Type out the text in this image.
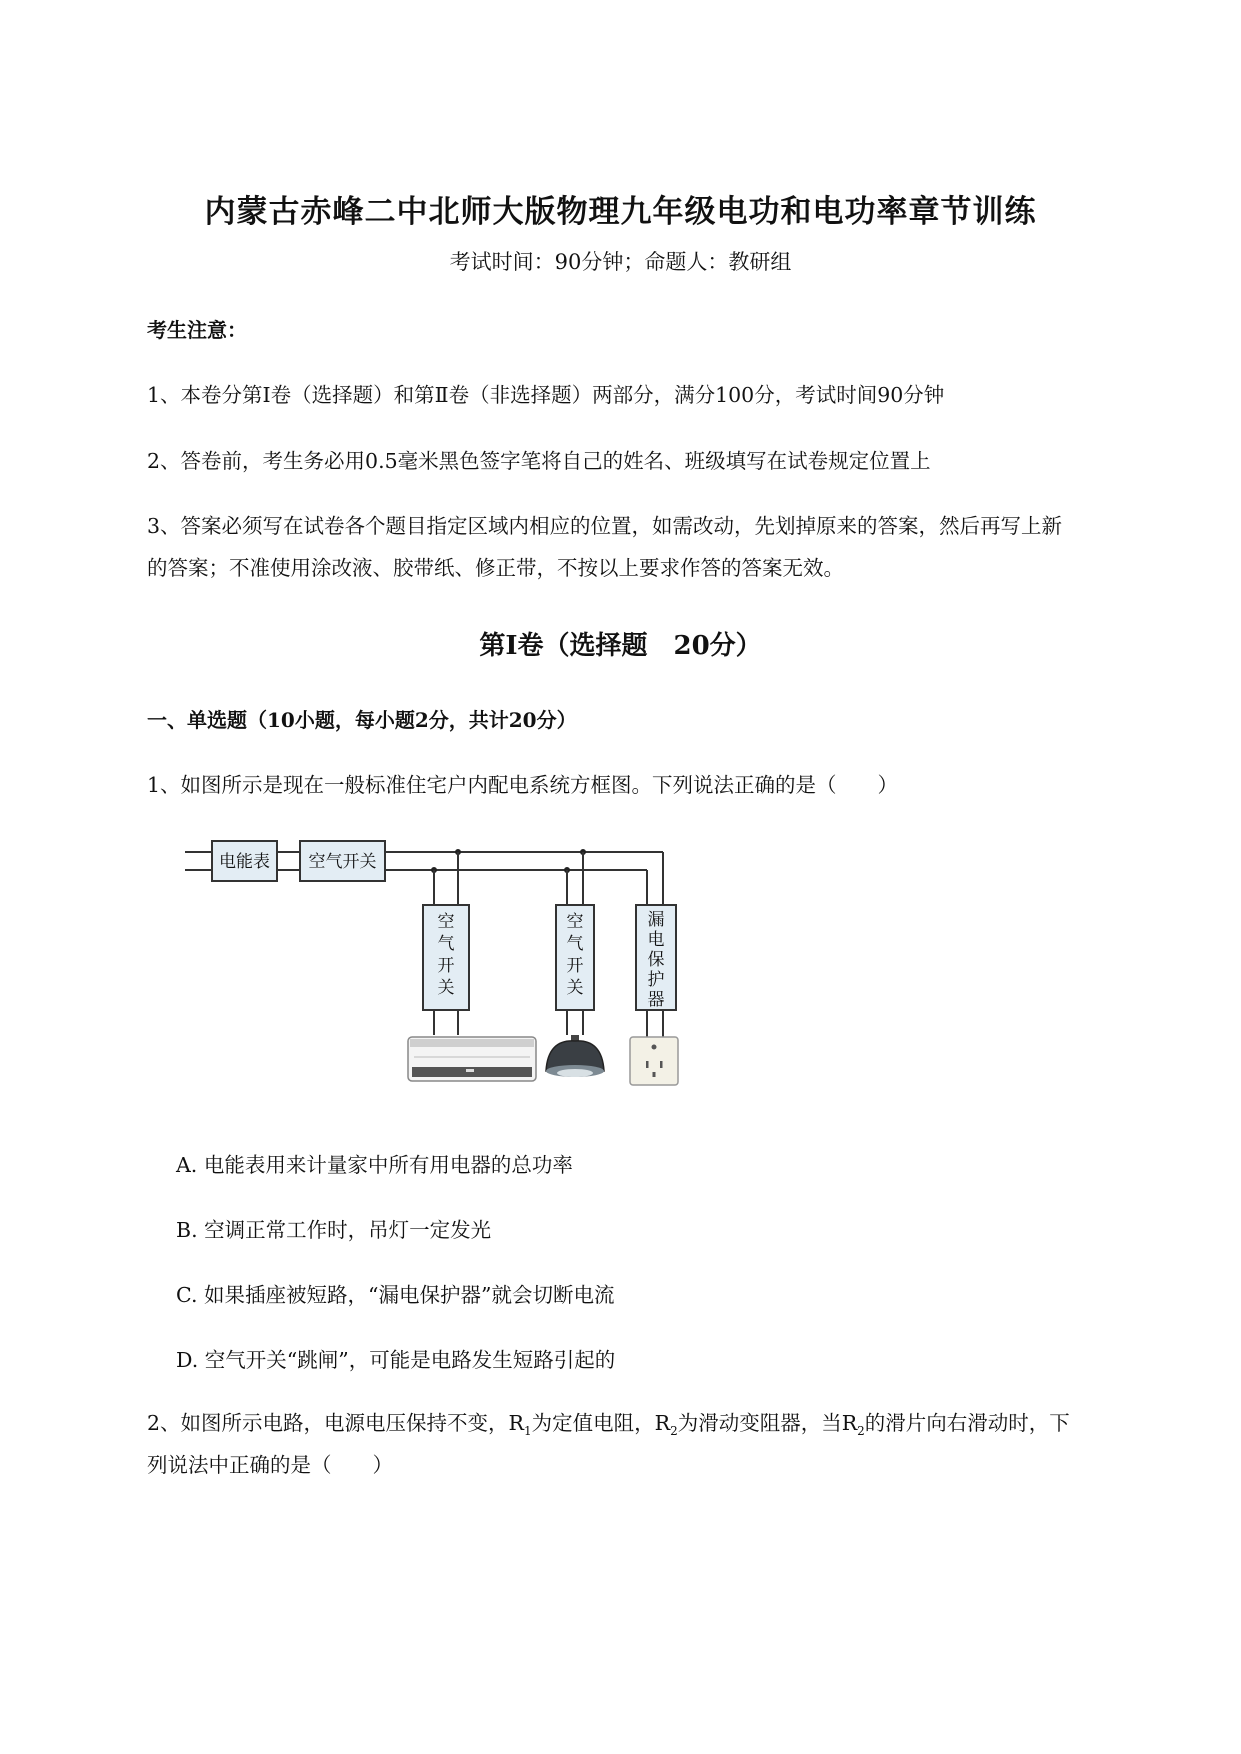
内蒙古赤峰二中北师大版物理九年级电功和电功率章节训练
考试时间：90分钟；命题人：教研组
考生注意：
1、本卷分第Ⅰ卷（选择题）和第Ⅱ卷（非选择题）两部分，满分100分，考试时间90分钟
2、答卷前，考生务必用0.5毫米黑色签字笔将自己的姓名、班级填写在试卷规定位置上
3、答案必须写在试卷各个题目指定区域内相应的位置，如需改动，先划掉原来的答案，然后再写上新
的答案；不准使用涂改液、胶带纸、修正带，不按以上要求作答的答案无效。
第Ⅰ卷（选择题　20分）
一、单选题（10小题，每小题2分，共计20分）
1、如图所示是现在一般标准住宅户内配电系统方框图。下列说法正确的是（　　）
电能表 空气开关
空
气
开
关
空
气
开
关
漏
电
保
护
器
A. 电能表用来计量家中所有用电器的总功率
B. 空调正常工作时，吊灯一定发光
C. 如果插座被短路，“漏电保护器”就会切断电流
D. 空气开关“跳闸”，可能是电路发生短路引起的
2、如图所示电路，电源电压保持不变，$R_1$为定值电阻，$R_2$为滑动变阻器，当$R_2$的滑片向右滑动时，下
列说法中正确的是（　　）
